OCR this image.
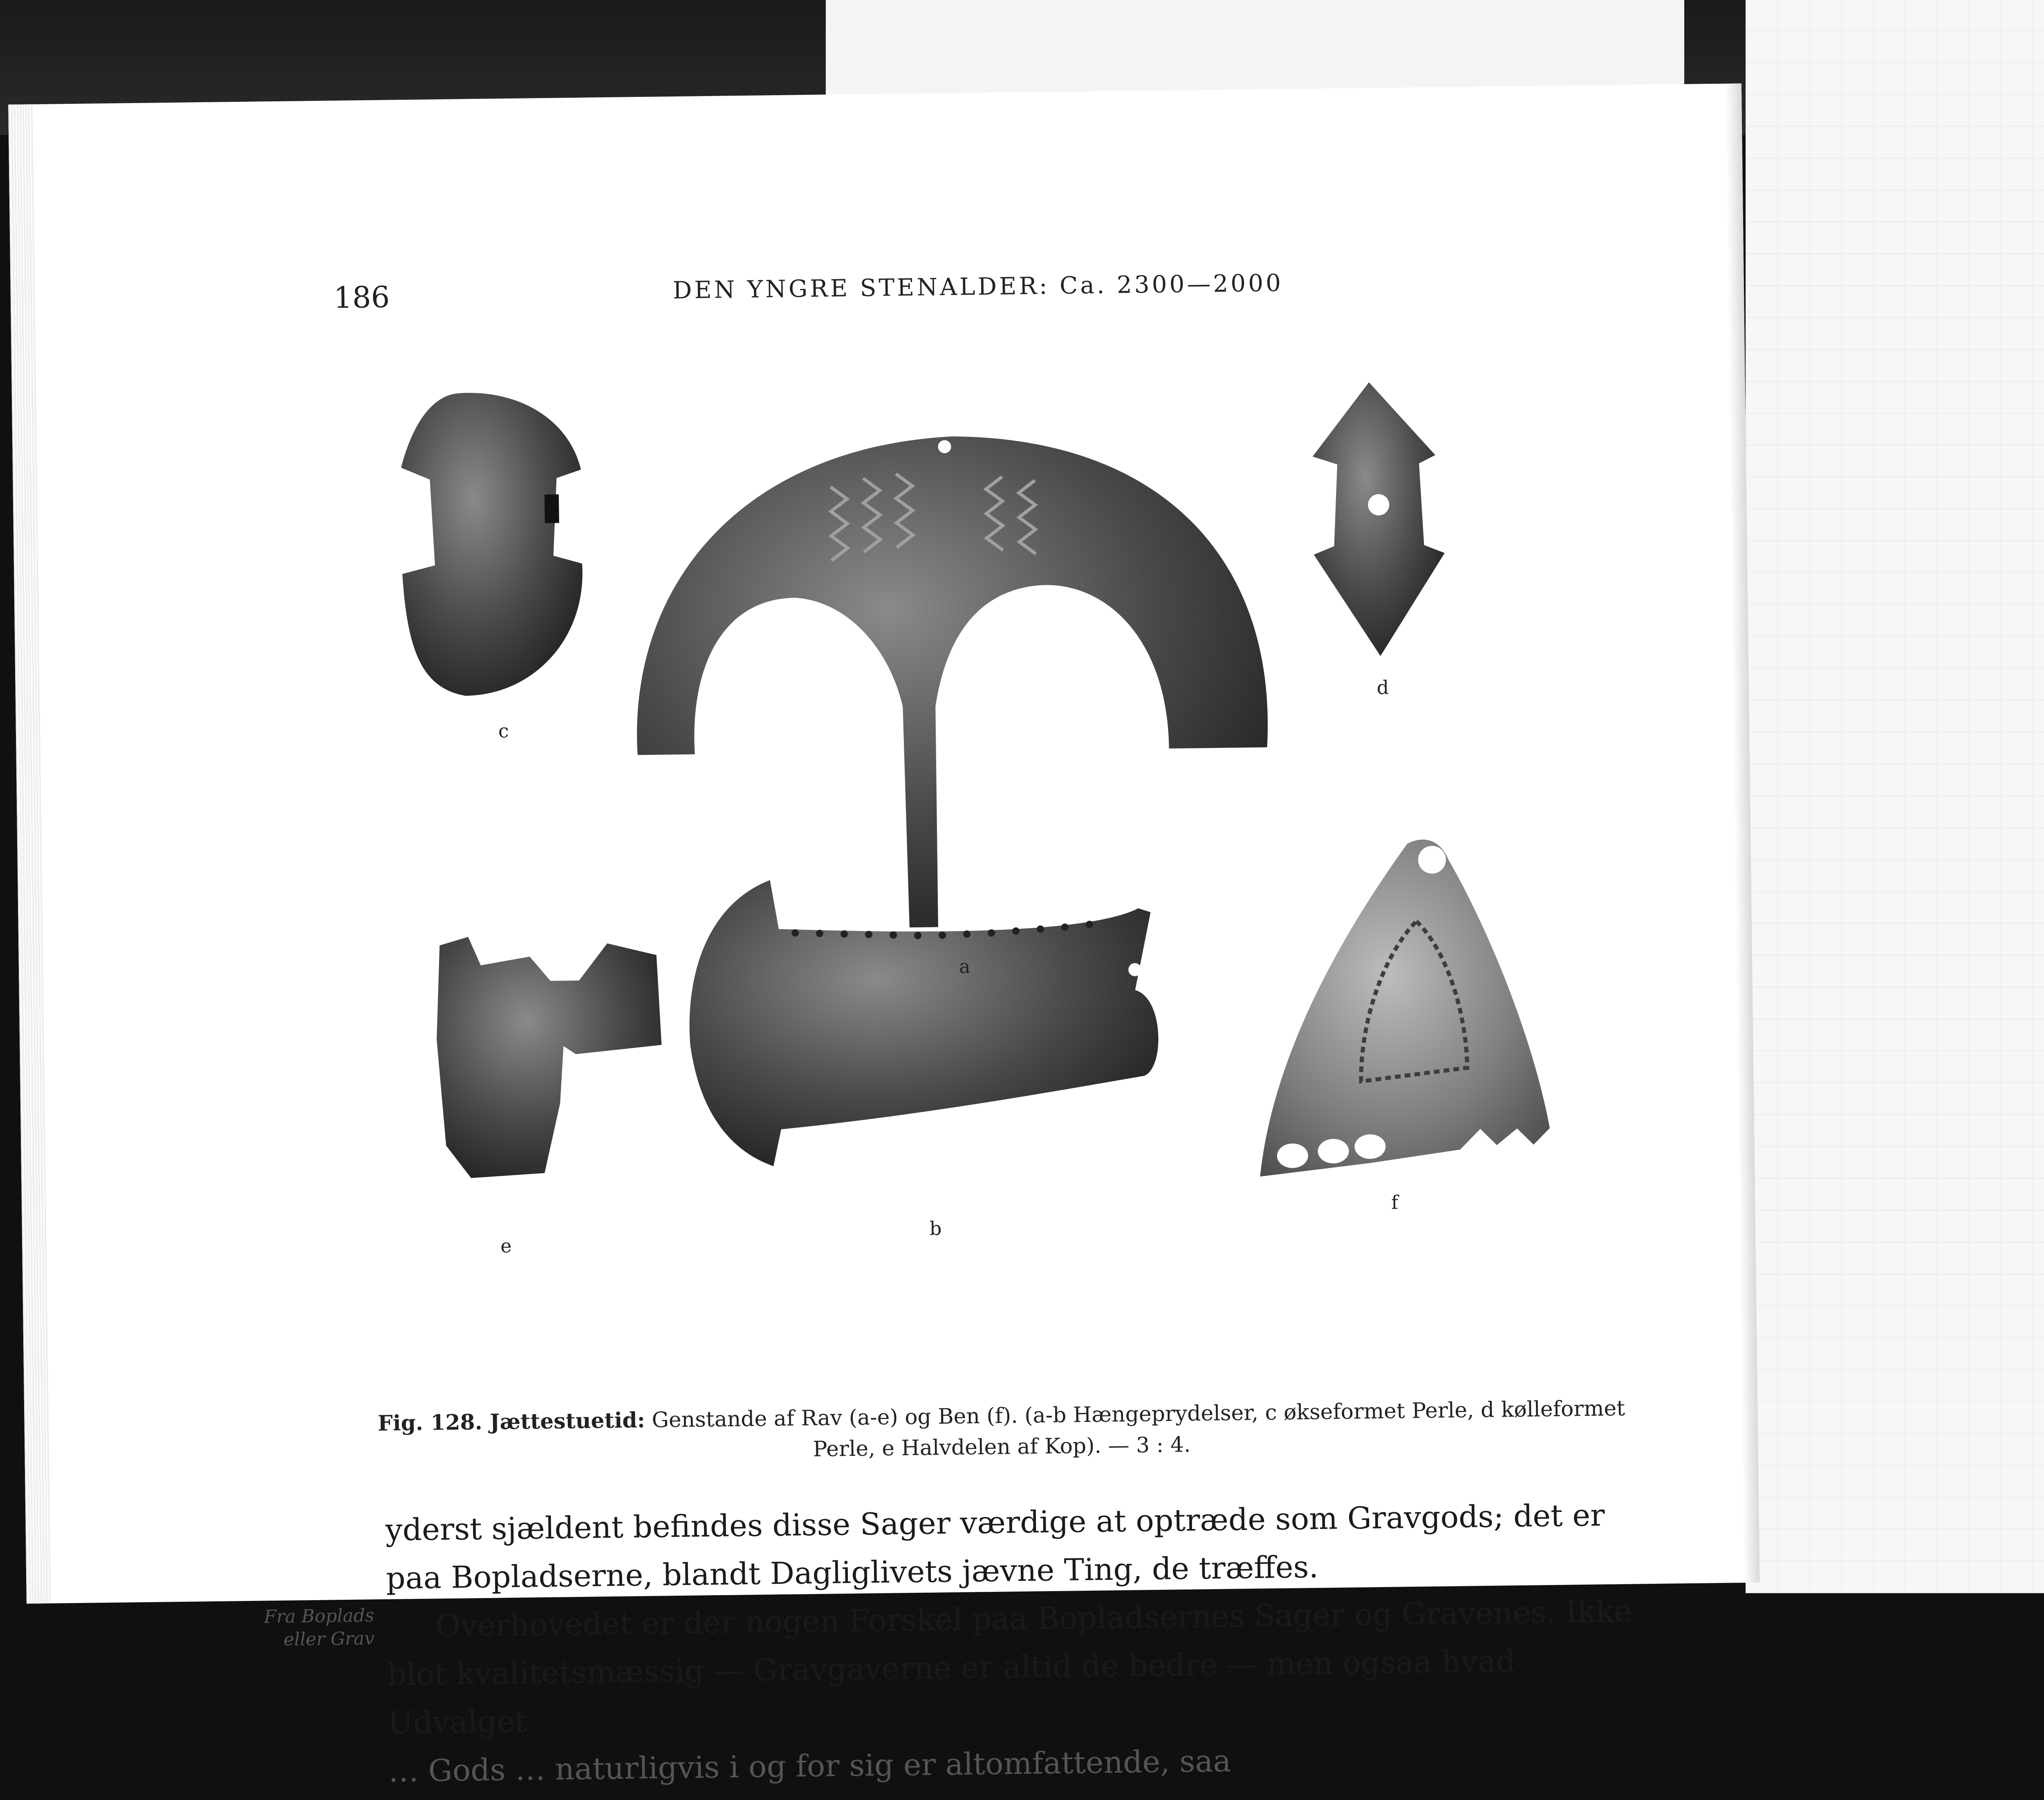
186	DEN YNGRE STENALDER: Ca. 2300—2000
a
b
c
d
e
f
Fig. 128. Jættestuetid: Genstande af Rav (a-e) og Ben (f). (a-b Hængeprydelser, c økseformet Perle, d kølleformet Perle, e Halvdelen af Kop). — 3 : 4.
Fra Boplads eller Grav

yderst sjældent befindes disse Sager værdige at optræde som Gravgods; det er paa Bopladserne, blandt Dagliglivets jævne Ting, de træffes.

Overhovedet er der nogen Forskel paa Bopladsernes Sager og Gravenes. Ikke blot kvalitetsmæssig — Gravgaverne er altid de bedre — men ogsaa hvad Udvalget

… Gods … naturligvis i og for sig er altomfattende, saa
